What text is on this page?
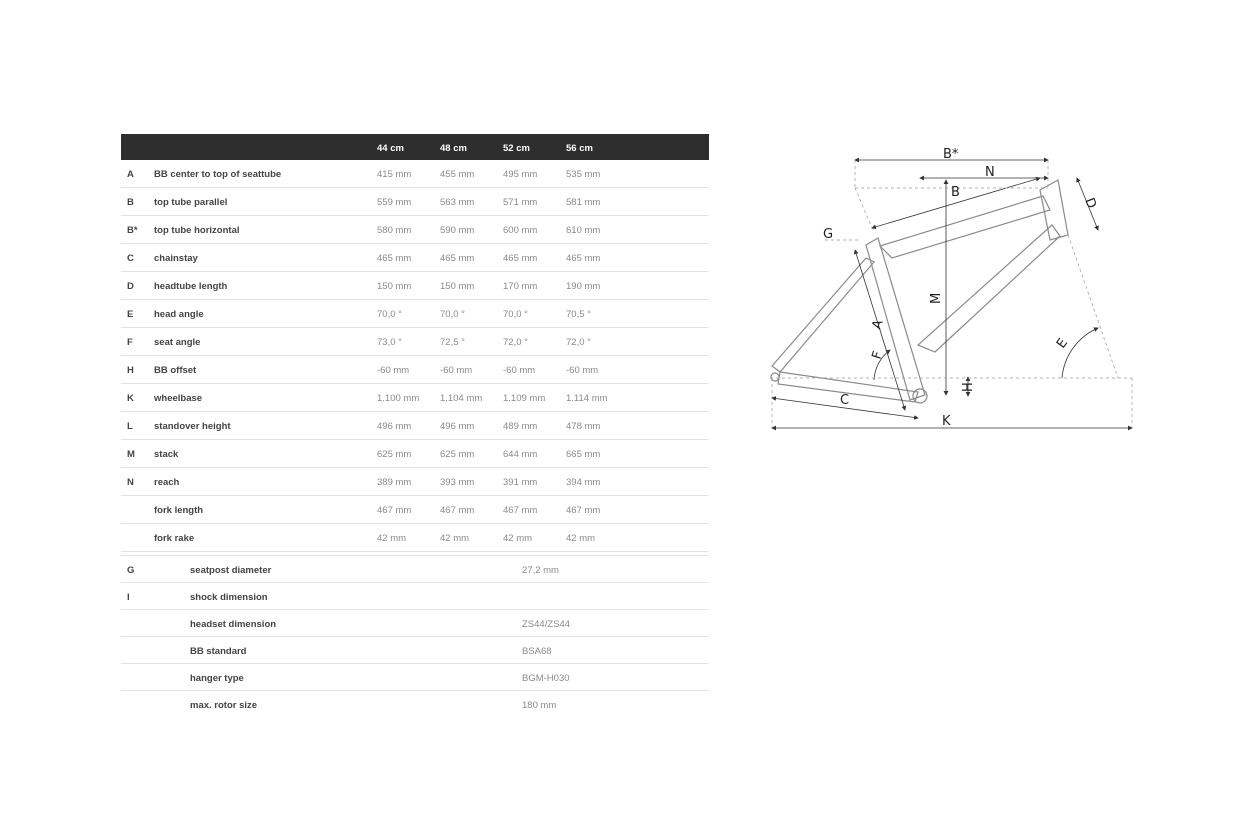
44 cm	48 cm	52 cm	56 cm
A BB center to top of seattube	415 mm	455 mm	495 mm	535 mm
B top tube parallel	559 mm	563 mm	571 mm	581 mm
B* top tube horizontal	580 mm	590 mm	600 mm	610 mm
C chainstay	465 mm	465 mm	465 mm	465 mm
D headtube length	150 mm	150 mm	170 mm	190 mm
E head angle	70,0 °	70,0 °	70,0 °	70,5 °
F seat angle	73,0 °	72,5 °	72,0 °	72,0 °
H BB offset	-60 mm	-60 mm	-60 mm	-60 mm
K wheelbase	1.100 mm 1.104 mm 1.109 mm 1.114 mm
L standover height	496 mm	496 mm	489 mm	478 mm
M stack	625 mm	625 mm	644 mm	665 mm
N reach	389 mm	393 mm	391 mm	394 mm
fork length	467 mm	467 mm	467 mm	467 mm
fork rake	42 mm	42 mm	42 mm	42 mm
G	seatpost diameter	27,2 mm
I	shock dimension
headset dimension	ZS44/ZS44
BB standard	BSA68
hanger type	BGM-H030
max. rotor size	180 mm
B*
N
B
D
G
M
A
F
E
H
C
K
